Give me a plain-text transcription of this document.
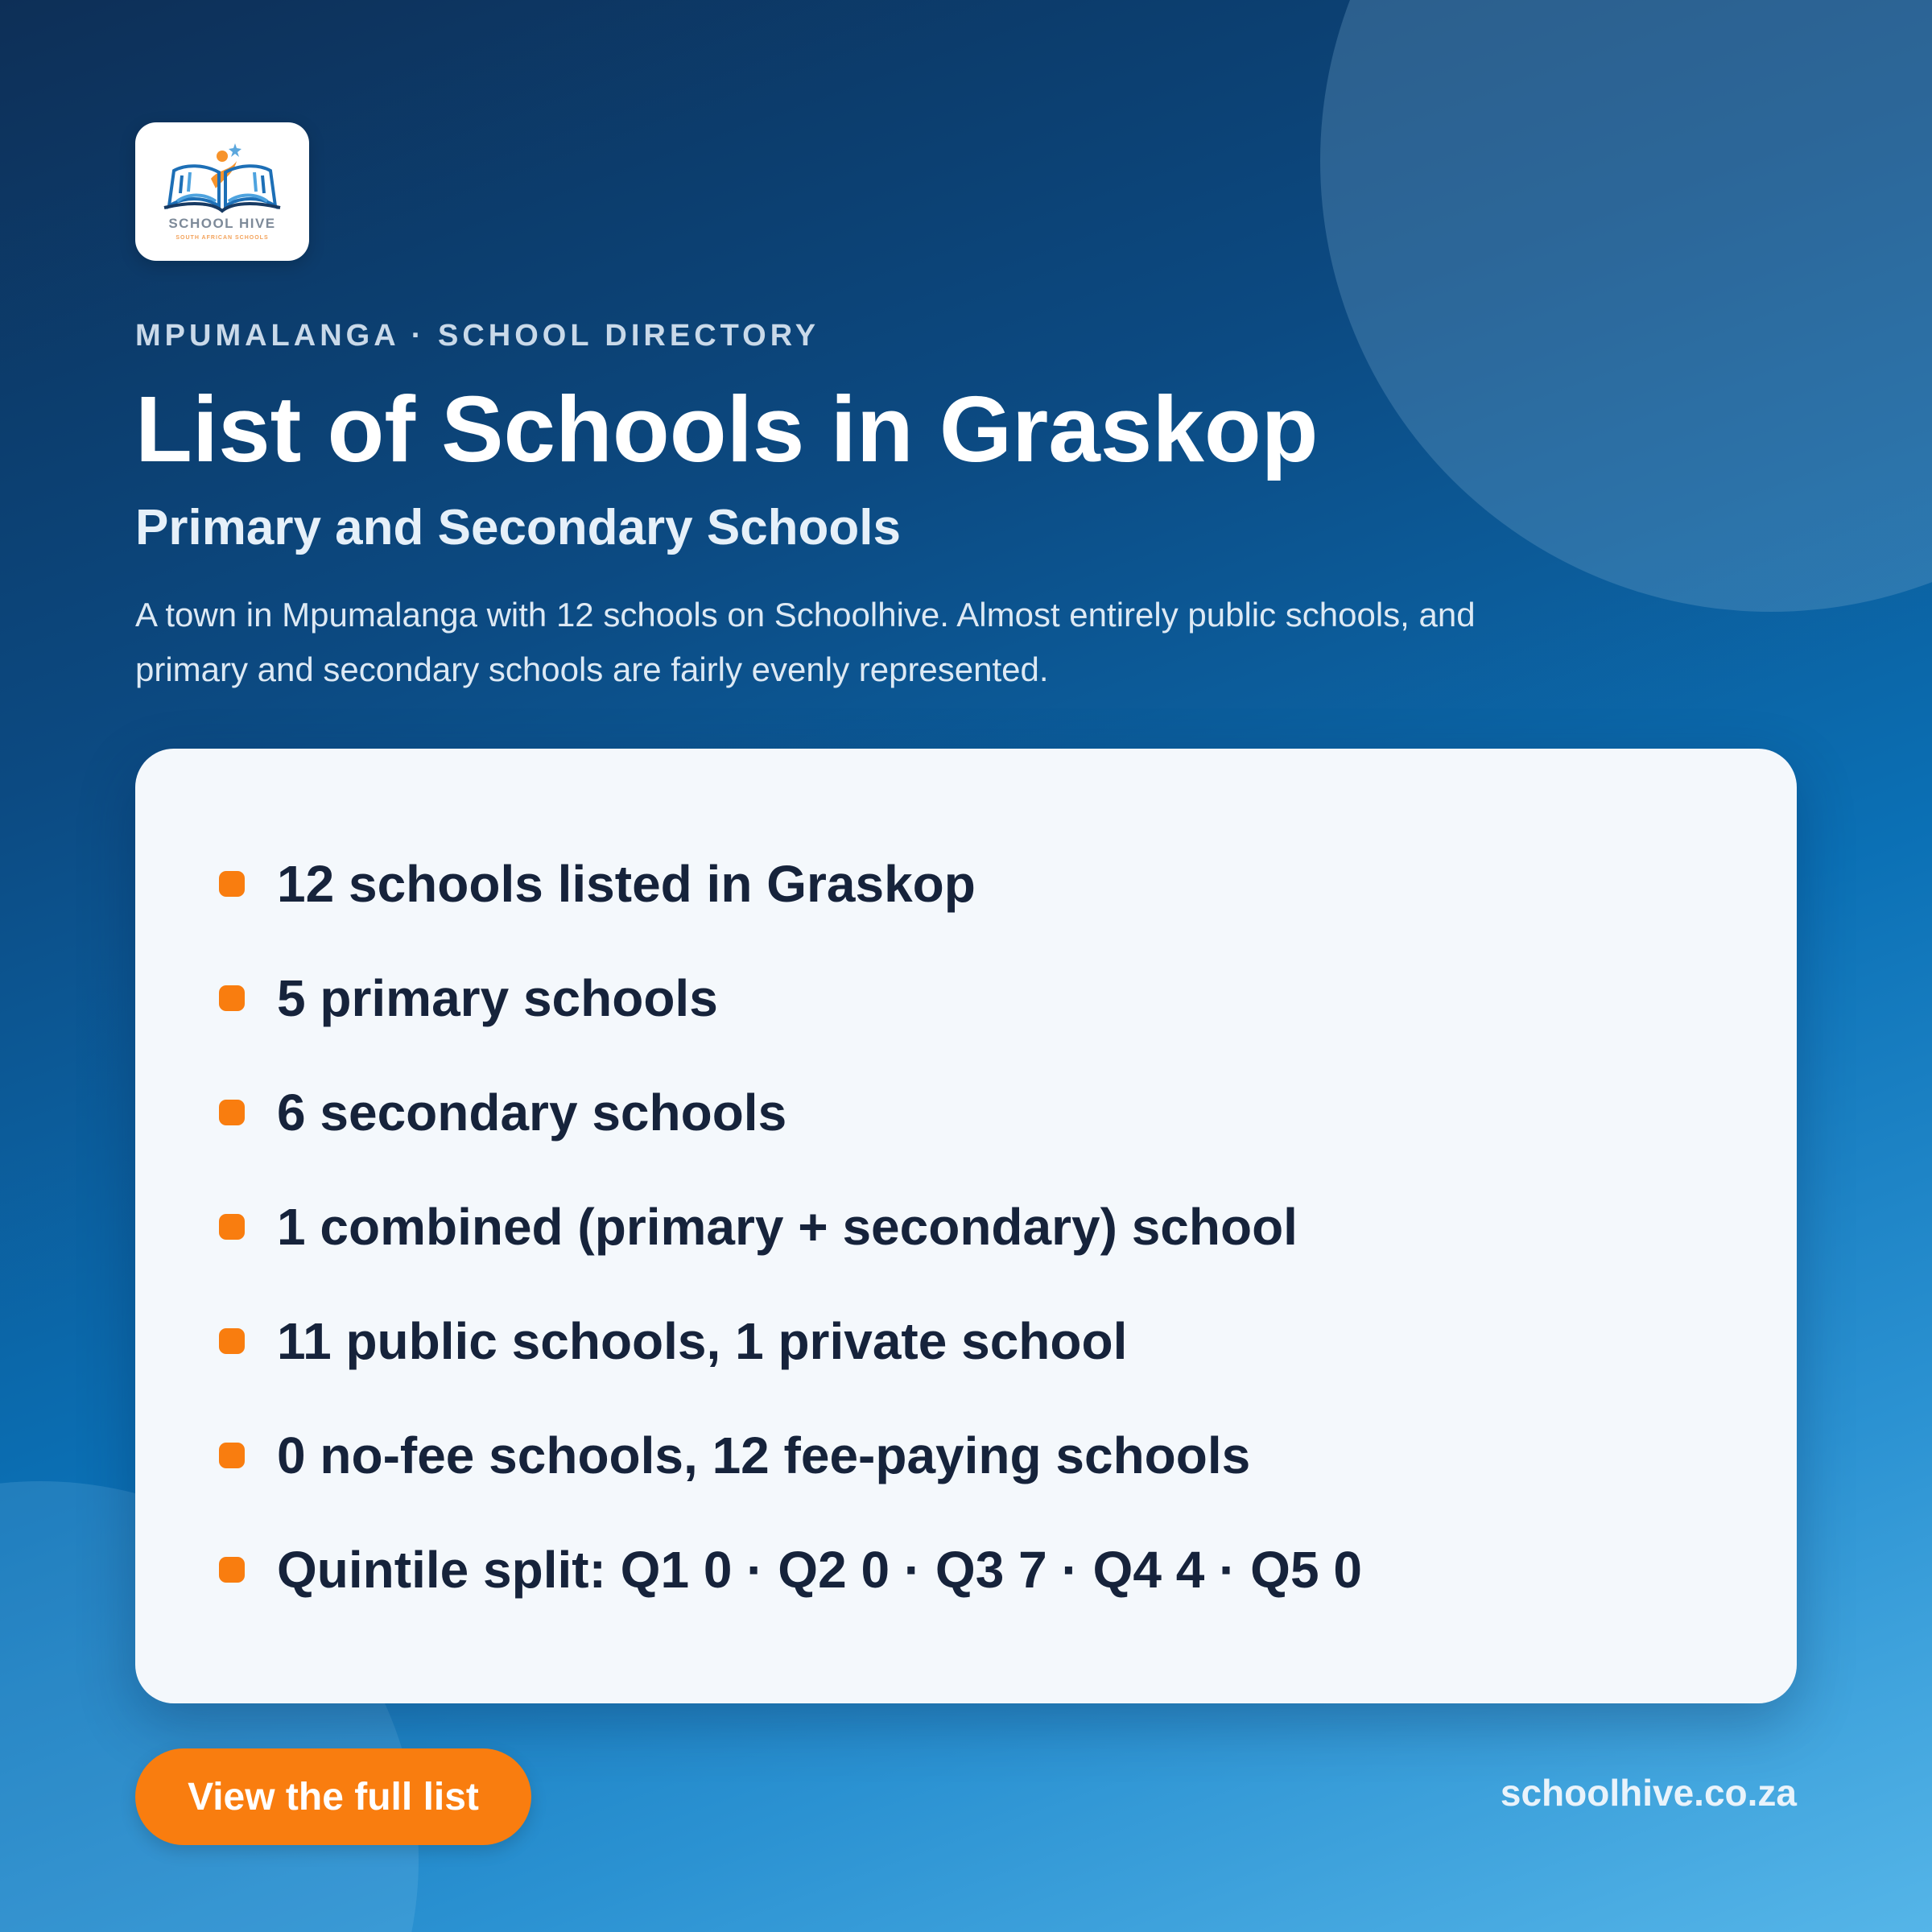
SCHOOL HIVE
SOUTH AFRICAN SCHOOLS
MPUMALANGA · SCHOOL DIRECTORY
List of Schools in Graskop
Primary and Secondary Schools
A town in Mpumalanga with 12 schools on Schoolhive. Almost entirely public schools, and primary and secondary schools are fairly evenly represented.
12 schools listed in Graskop
5 primary schools
6 secondary schools
1 combined (primary + secondary) school
11 public schools, 1 private school
0 no-fee schools, 12 fee-paying schools
Quintile split: Q1 0 · Q2 0 · Q3 7 · Q4 4 · Q5 0
View the full list	schoolhive.co.za
